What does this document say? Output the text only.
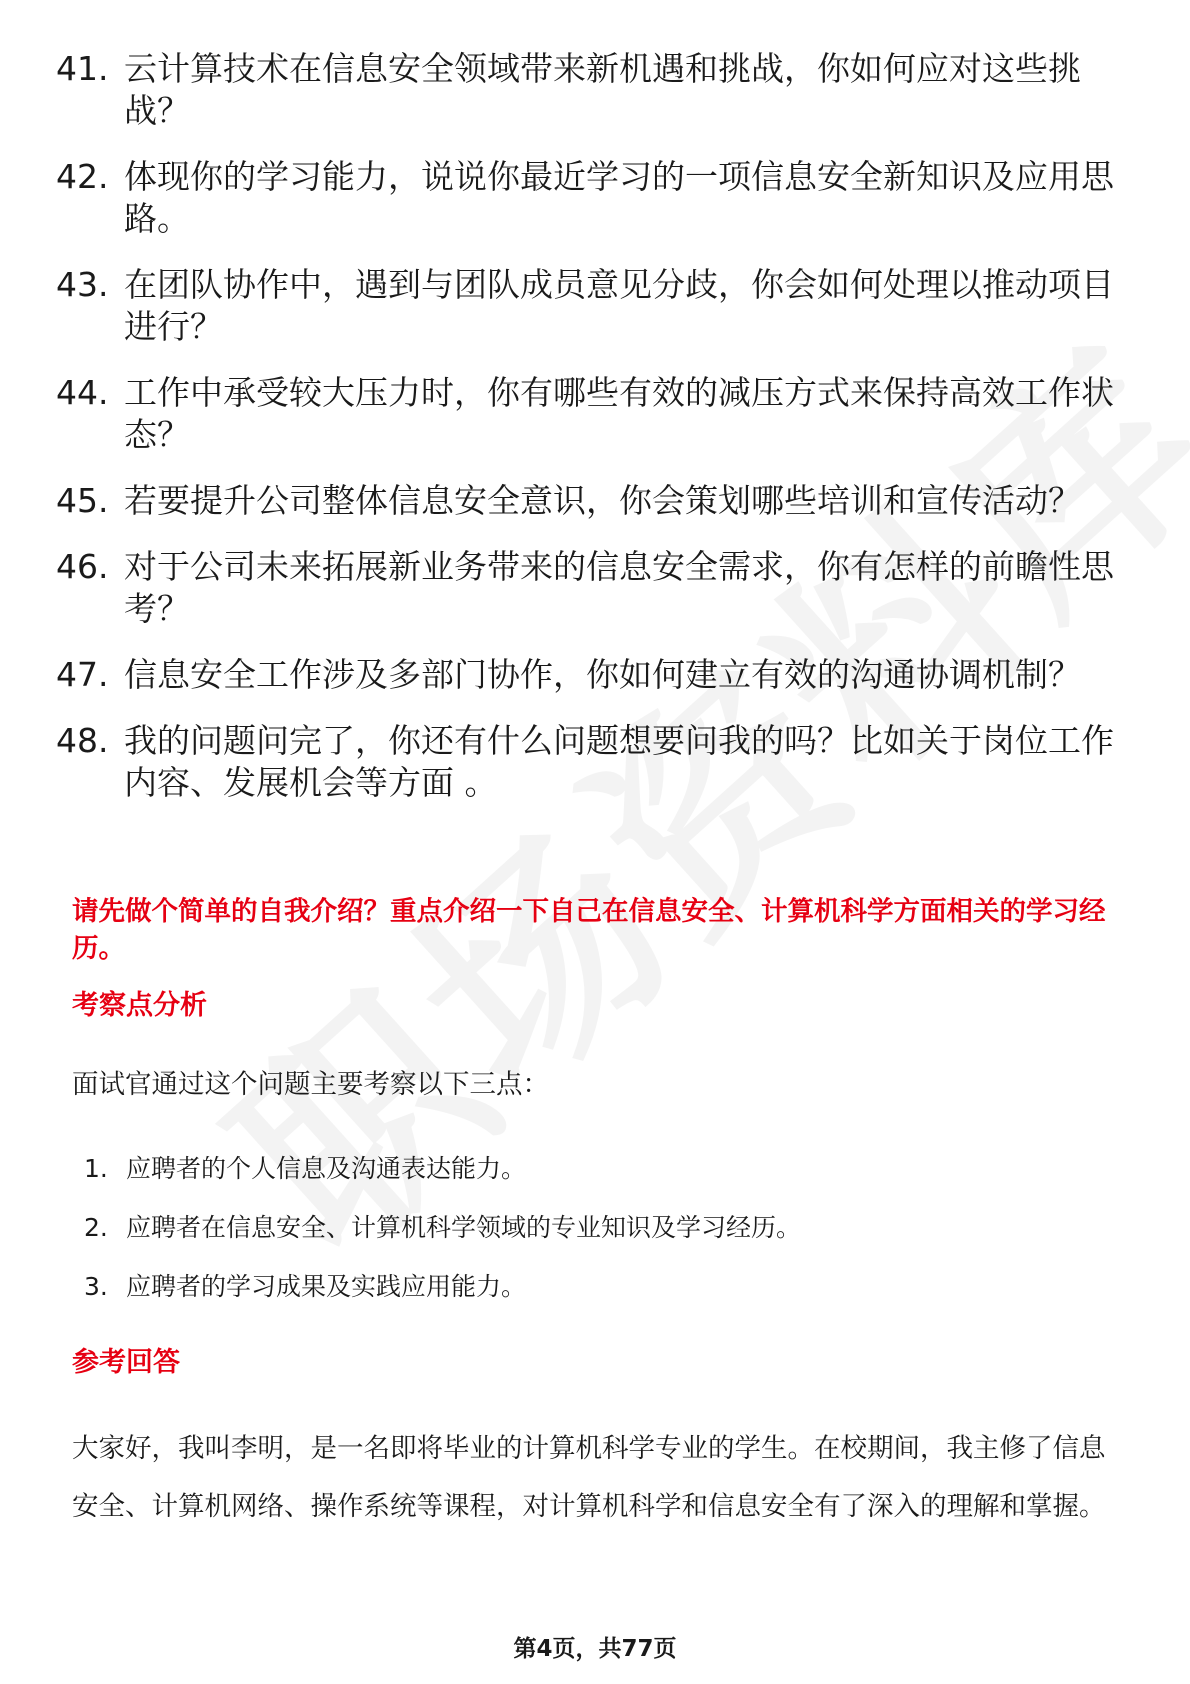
41. 云计算技术在信息安全领域带来新机遇和挑战，你如何应对这些挑战？
42. 体现你的学习能力，说说你最近学习的一项信息安全新知识及应用思路。
43. 在团队协作中，遇到与团队成员意见分歧，你会如何处理以推动项目进行？
44. 工作中承受较大压力时，你有哪些有效的减压方式来保持高效工作状态？
45. 若要提升公司整体信息安全意识，你会策划哪些培训和宣传活动？
46. 对于公司未来拓展新业务带来的信息安全需求，你有怎样的前瞻性思考？
47. 信息安全工作涉及多部门协作，你如何建立有效的沟通协调机制？
48. 我的问题问完了，你还有什么问题想要问我的吗？比如关于岗位工作内容、发展机会等方面 。
请先做个简单的自我介绍？重点介绍一下自己在信息安全、计算机科学方面相关的学习经历。
考察点分析
面试官通过这个问题主要考察以下三点：
1. 应聘者的个人信息及沟通表达能力。
2. 应聘者在信息安全、计算机科学领域的专业知识及学习经历。
3. 应聘者的学习成果及实践应用能力。
参考回答

大家好，我叫李明，是一名即将毕业的计算机科学专业的学生。在校期间，我主修了信息安全、计算机网络、操作系统等课程，对计算机科学和信息安全有了深入的理解和掌握。

第4页，共77页
